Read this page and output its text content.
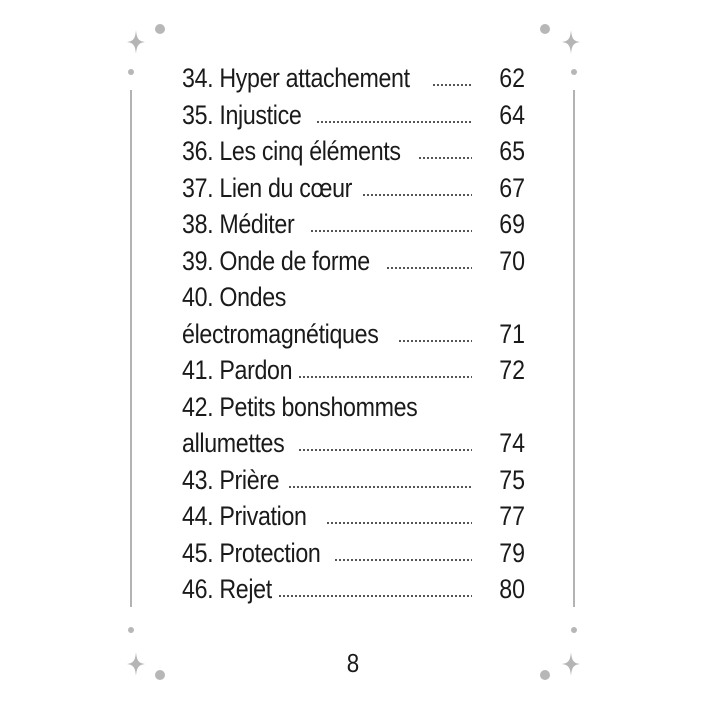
34. Hyper attachement	62
35. Injustice	64
36. Les cinq éléments	65
37. Lien du cœur	67
38. Méditer	69
39. Onde de forme	70
40. Ondes
électromagnétiques	71
41. Pardon	72
42. Petits bonshommes
allumettes	74
43. Prière	75
44. Privation	77
45. Protection	79
46. Rejet	80
8
